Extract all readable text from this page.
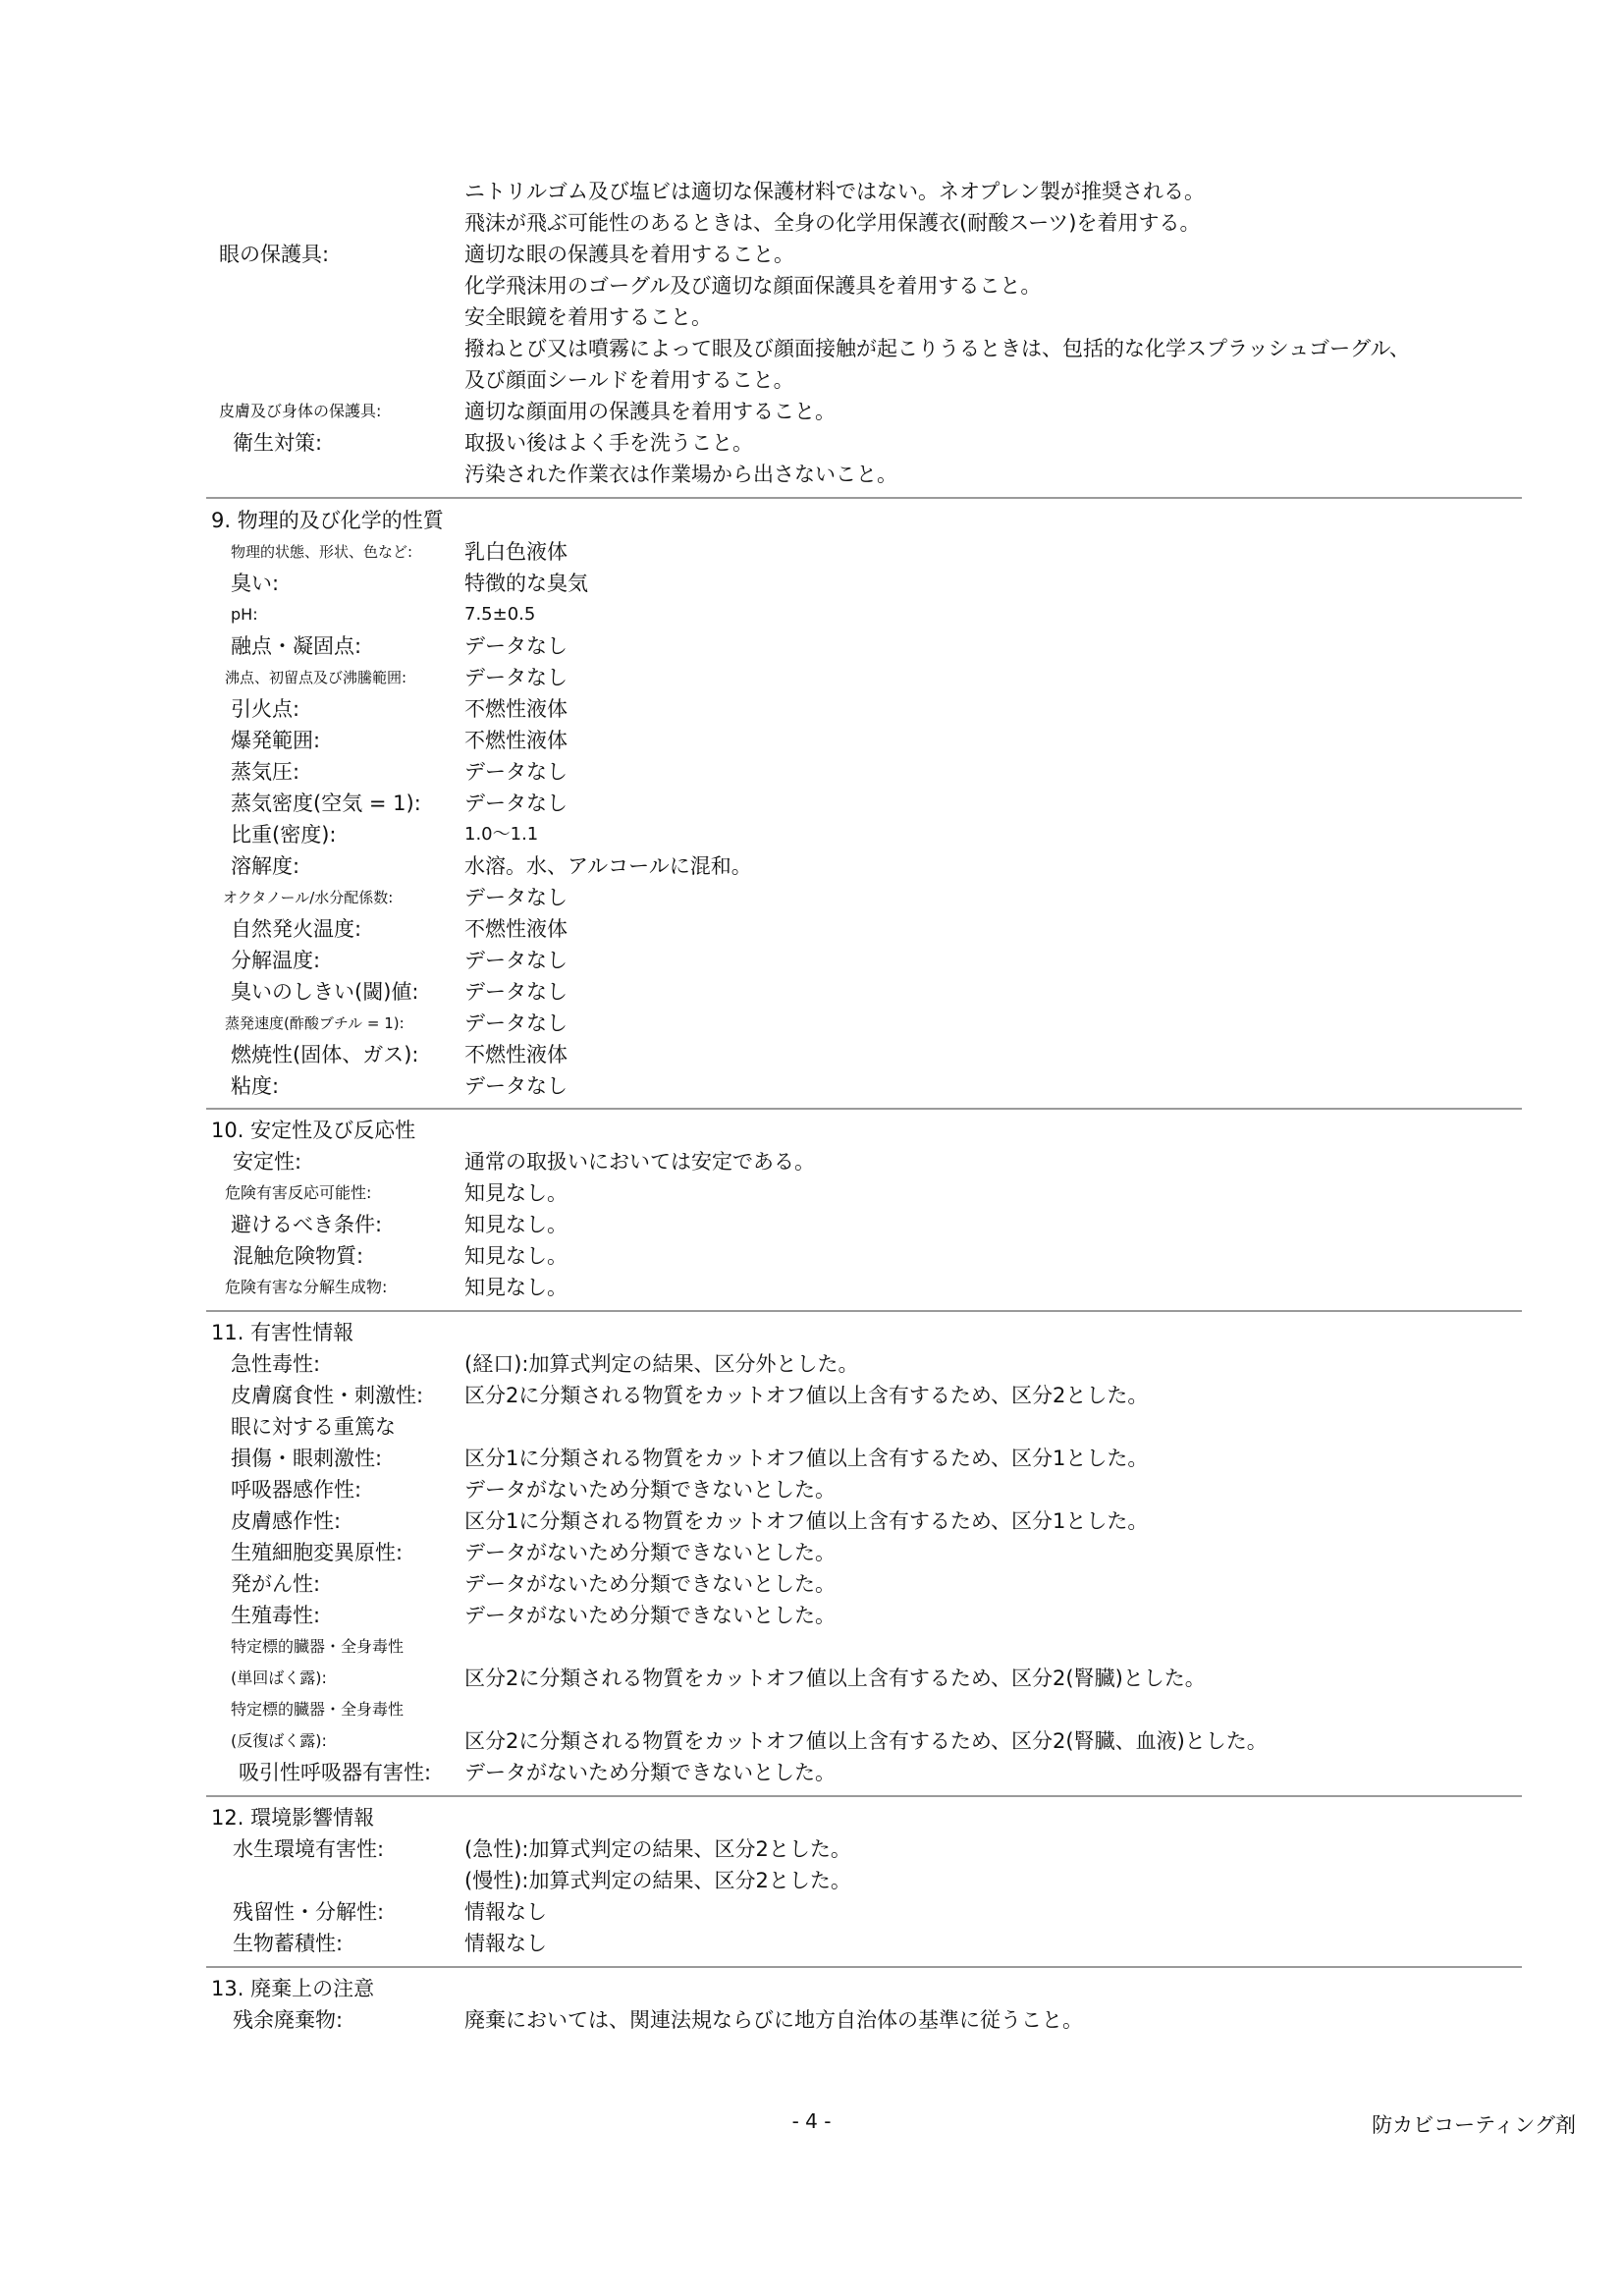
ニトリルゴム及び塩ビは適切な保護材料ではない。ネオプレン製が推奨される。
飛沫が飛ぶ可能性のあるときは、全身の化学用保護衣(耐酸スーツ)を着用する。
眼の保護具:	適切な眼の保護具を着用すること。
化学飛沫用のゴーグル及び適切な顔面保護具を着用すること。
安全眼鏡を着用すること。
撥ねとび又は噴霧によって眼及び顔面接触が起こりうるときは、包括的な化学スプラッシュゴーグル、
及び顔面シールドを着用すること。
皮膚及び身体の保護具:	適切な顔面用の保護具を着用すること。
衛生対策:	取扱い後はよく手を洗うこと。
汚染された作業衣は作業場から出さないこと。
9. 物理的及び化学的性質
物理的状態、形状、色など:	乳白色液体
臭い:	特徴的な臭気
pH:	7.5±0.5
融点・凝固点:	データなし
沸点、初留点及び沸騰範囲:	データなし
引火点:	不燃性液体
爆発範囲:	不燃性液体
蒸気圧:	データなし
蒸気密度(空気 = 1): データなし
比重(密度):	1.0〜1.1
溶解度:	水溶。水、アルコールに混和。
オクタノール/水分配係数:	データなし
自然発火温度:	不燃性液体
分解温度:	データなし
臭いのしきい(閾)値: データなし
蒸発速度(酢酸ブチル = 1):	データなし
燃焼性(固体、ガス): 不燃性液体
粘度:	データなし
10. 安定性及び反応性
安定性:	通常の取扱いにおいては安定である。
危険有害反応可能性:	知見なし。
避けるべき条件:	知見なし。
混触危険物質:	知見なし。
危険有害な分解生成物:	知見なし。
11. 有害性情報
急性毒性:	(経口):加算式判定の結果、区分外とした。
皮膚腐食性・刺激性: 区分2に分類される物質をカットオフ値以上含有するため、区分2とした。
眼に対する重篤な
損傷・眼刺激性:	区分1に分類される物質をカットオフ値以上含有するため、区分1とした。
呼吸器感作性:	データがないため分類できないとした。
皮膚感作性:	区分1に分類される物質をカットオフ値以上含有するため、区分1とした。
生殖細胞変異原性:	データがないため分類できないとした。
発がん性:	データがないため分類できないとした。
生殖毒性:	データがないため分類できないとした。
特定標的臓器・全身毒性
(単回ばく露):	区分2に分類される物質をカットオフ値以上含有するため、区分2(腎臓)とした。
特定標的臓器・全身毒性
(反復ばく露):	区分2に分類される物質をカットオフ値以上含有するため、区分2(腎臓、血液)とした。
吸引性呼吸器有害性: データがないため分類できないとした。
12. 環境影響情報
水生環境有害性:	(急性):加算式判定の結果、区分2とした。
(慢性):加算式判定の結果、区分2とした。
残留性・分解性:	情報なし
生物蓄積性:	情報なし
13. 廃棄上の注意
残余廃棄物:	廃棄においては、関連法規ならびに地方自治体の基準に従うこと。
- 4 -	防カビコーティング剤
